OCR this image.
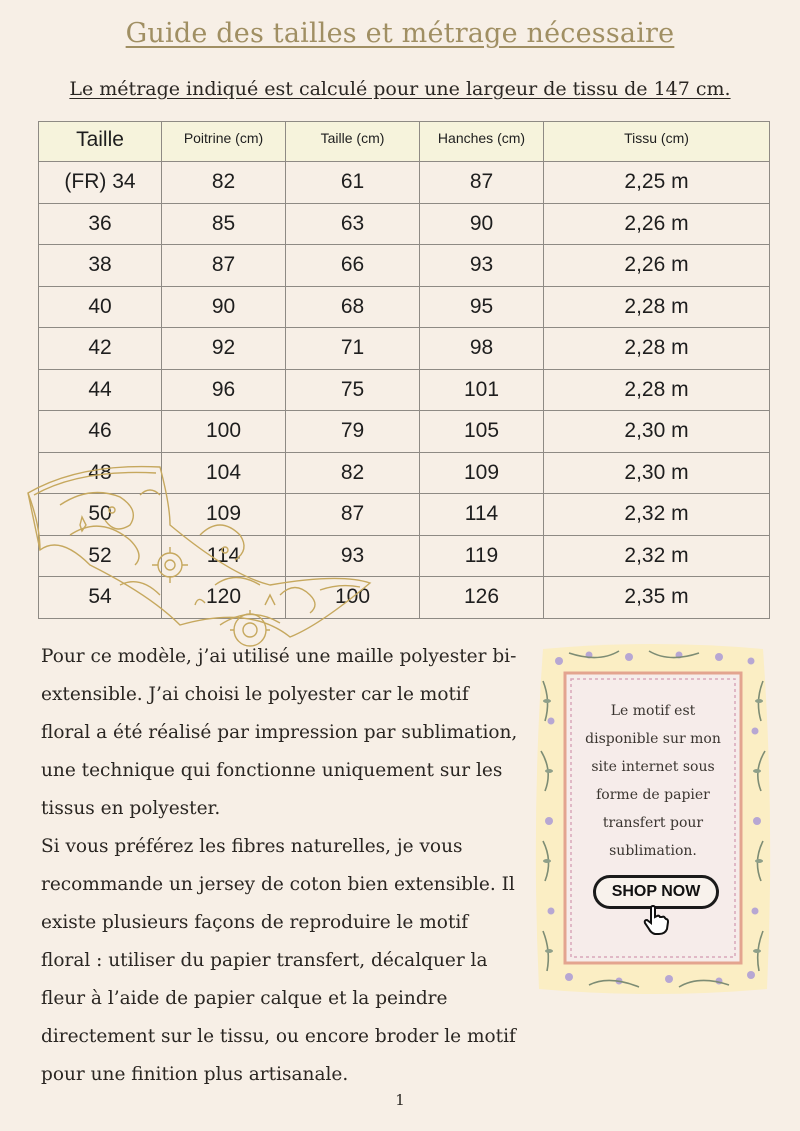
Guide des tailles et métrage nécessaire
Le métrage indiqué est calculé pour une largeur de tissu de 147 cm.
Taille	Poitrine (cm)	Taille (cm)	Hanches (cm)	Tissu (cm)
(FR) 34	82	61	87	2,25 m
36	85	63	90	2,26 m
38	87	66	93	2,26 m
40	90	68	95	2,28 m
42	92	71	98	2,28 m
44	96	75	101	2,28 m
46	100	79	105	2,30 m
48	104	82	109	2,30 m
50	109	87	114	2,32 m
52	114	93	119	2,32 m
54	120	100	126	2,35 m

Pour ce modèle, j’ai utilisé une maille polyester bi-extensible. J’ai choisi le polyester car le motif floral a été réalisé par impression par sublimation, une technique qui fonctionne uniquement sur les tissus en polyester.

Si vous préférez les fibres naturelles, je vous recommande un jersey de coton bien extensible. Il existe plusieurs façons de reproduire le motif floral : utiliser du papier transfert, décalquer la fleur à l’aide de papier calque et la peindre directement sur le tissu, ou encore broder le motif pour une finition plus artisanale.

Le motif est disponible sur mon site internet sous forme de papier transfert pour sublimation.
SHOP NOW
1
